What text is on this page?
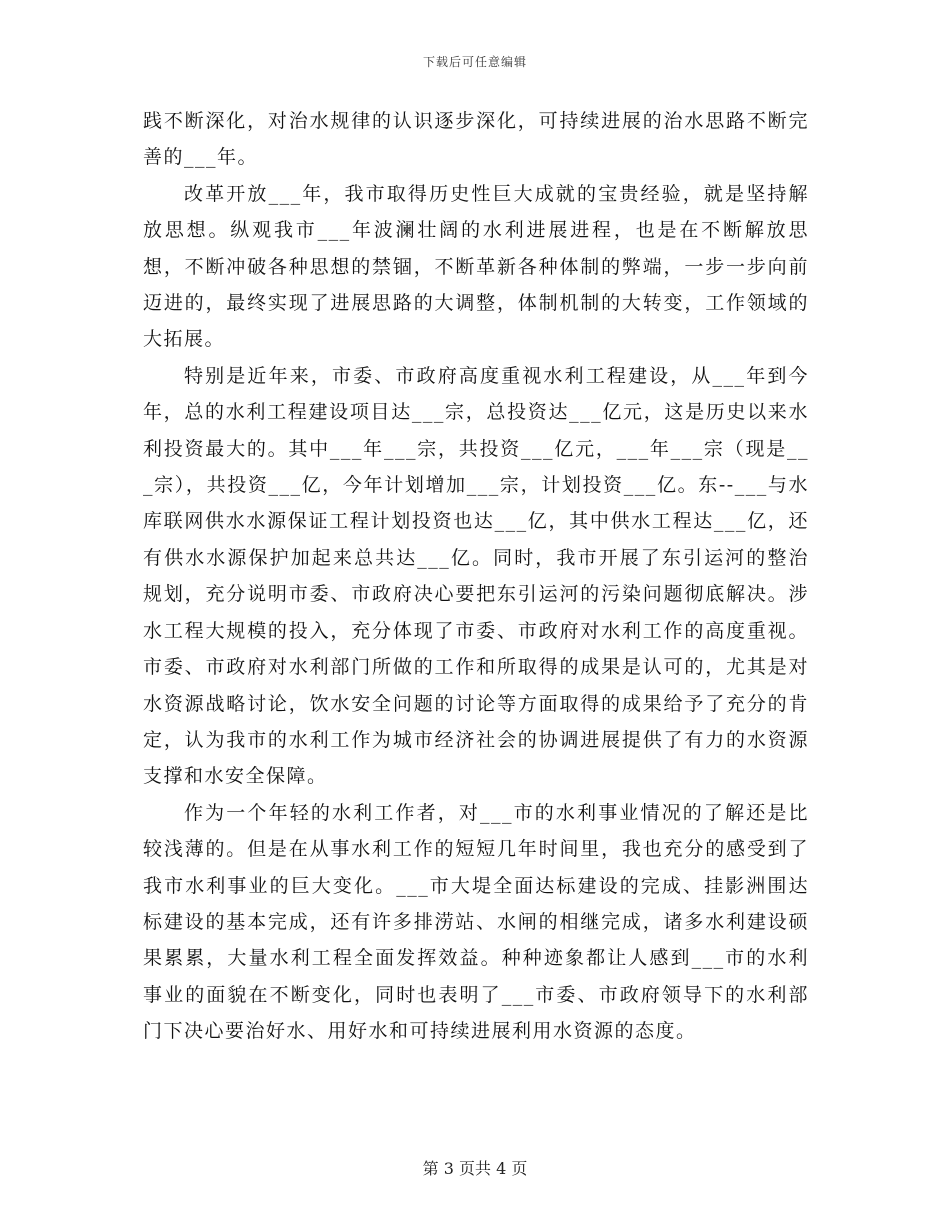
下载后可任意编辑

践不断深化，对治水规律的认识逐步深化，可持续进展的治水思路不断完善的___年。

改革开放___年，我市取得历史性巨大成就的宝贵经验，就是坚持解放思想。纵观我市___年波澜壮阔的水利进展进程，也是在不断解放思想，不断冲破各种思想的禁锢，不断革新各种体制的弊端，一步一步向前迈进的，最终实现了进展思路的大调整，体制机制的大转变，工作领域的大拓展。

特别是近年来，市委、市政府高度重视水利工程建设，从___年到今年，总的水利工程建设项目达___宗，总投资达___亿元，这是历史以来水利投资最大的。其中___年___宗，共投资___亿元，___年___宗（现是___宗），共投资___亿，今年计划增加___宗，计划投资___亿。东--___与水库联网供水水源保证工程计划投资也达___亿，其中供水工程达___亿，还有供水水源保护加起来总共达___亿。同时，我市开展了东引运河的整治规划，充分说明市委、市政府决心要把东引运河的污染问题彻底解决。涉水工程大规模的投入，充分体现了市委、市政府对水利工作的高度重视。市委、市政府对水利部门所做的工作和所取得的成果是认可的，尤其是对水资源战略讨论，饮水安全问题的讨论等方面取得的成果给予了充分的肯定，认为我市的水利工作为城市经济社会的协调进展提供了有力的水资源支撑和水安全保障。

作为一个年轻的水利工作者，对___市的水利事业情况的了解还是比较浅薄的。但是在从事水利工作的短短几年时间里，我也充分的感受到了我市水利事业的巨大变化。___市大堤全面达标建设的完成、挂影洲围达标建设的基本完成，还有许多排涝站、水闸的相继完成，诸多水利建设硕果累累，大量水利工程全面发挥效益。种种迹象都让人感到___市的水利事业的面貌在不断变化，同时也表明了___市委、市政府领导下的水利部门下决心要治好水、用好水和可持续进展利用水资源的态度。

第 3 页共 4 页
